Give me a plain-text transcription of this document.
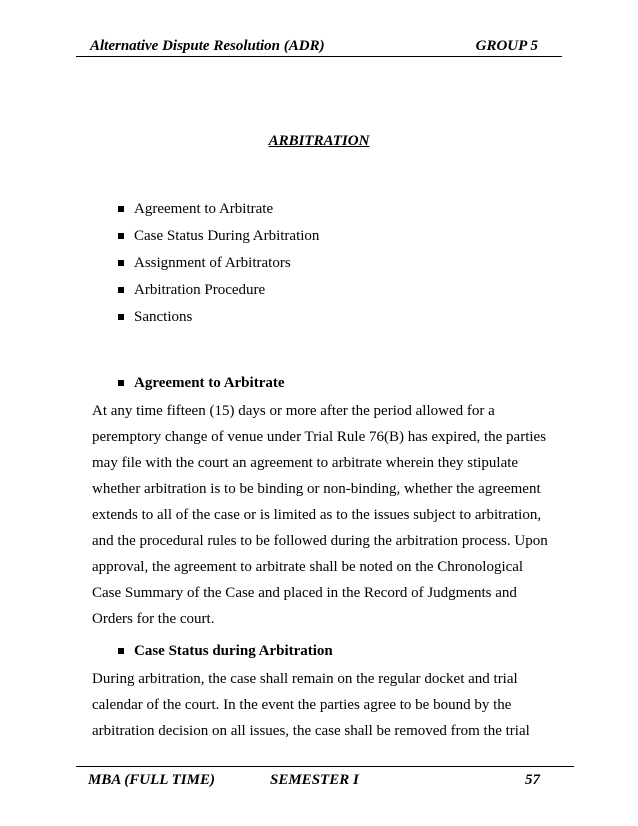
Alternative Dispute Resolution (ADR)	GROUP 5
ARBITRATION
Agreement to Arbitrate
Case Status During Arbitration
Assignment of Arbitrators
Arbitration Procedure
Sanctions
Agreement to Arbitrate

At any time fifteen (15) days or more after the period allowed for a
peremptory change of venue under Trial Rule 76(B) has expired, the parties
may file with the court an agreement to arbitrate wherein they stipulate
whether arbitration is to be binding or non-binding, whether the agreement
extends to all of the case or is limited as to the issues subject to arbitration,
and the procedural rules to be followed during the arbitration process. Upon
approval, the agreement to arbitrate shall be noted on the Chronological
Case Summary of the Case and placed in the Record of Judgments and
Orders for the court.

Case Status during Arbitration

During arbitration, the case shall remain on the regular docket and trial
calendar of the court. In the event the parties agree to be bound by the
arbitration decision on all issues, the case shall be removed from the trial

MBA (FULL TIME)	SEMESTER I	57
